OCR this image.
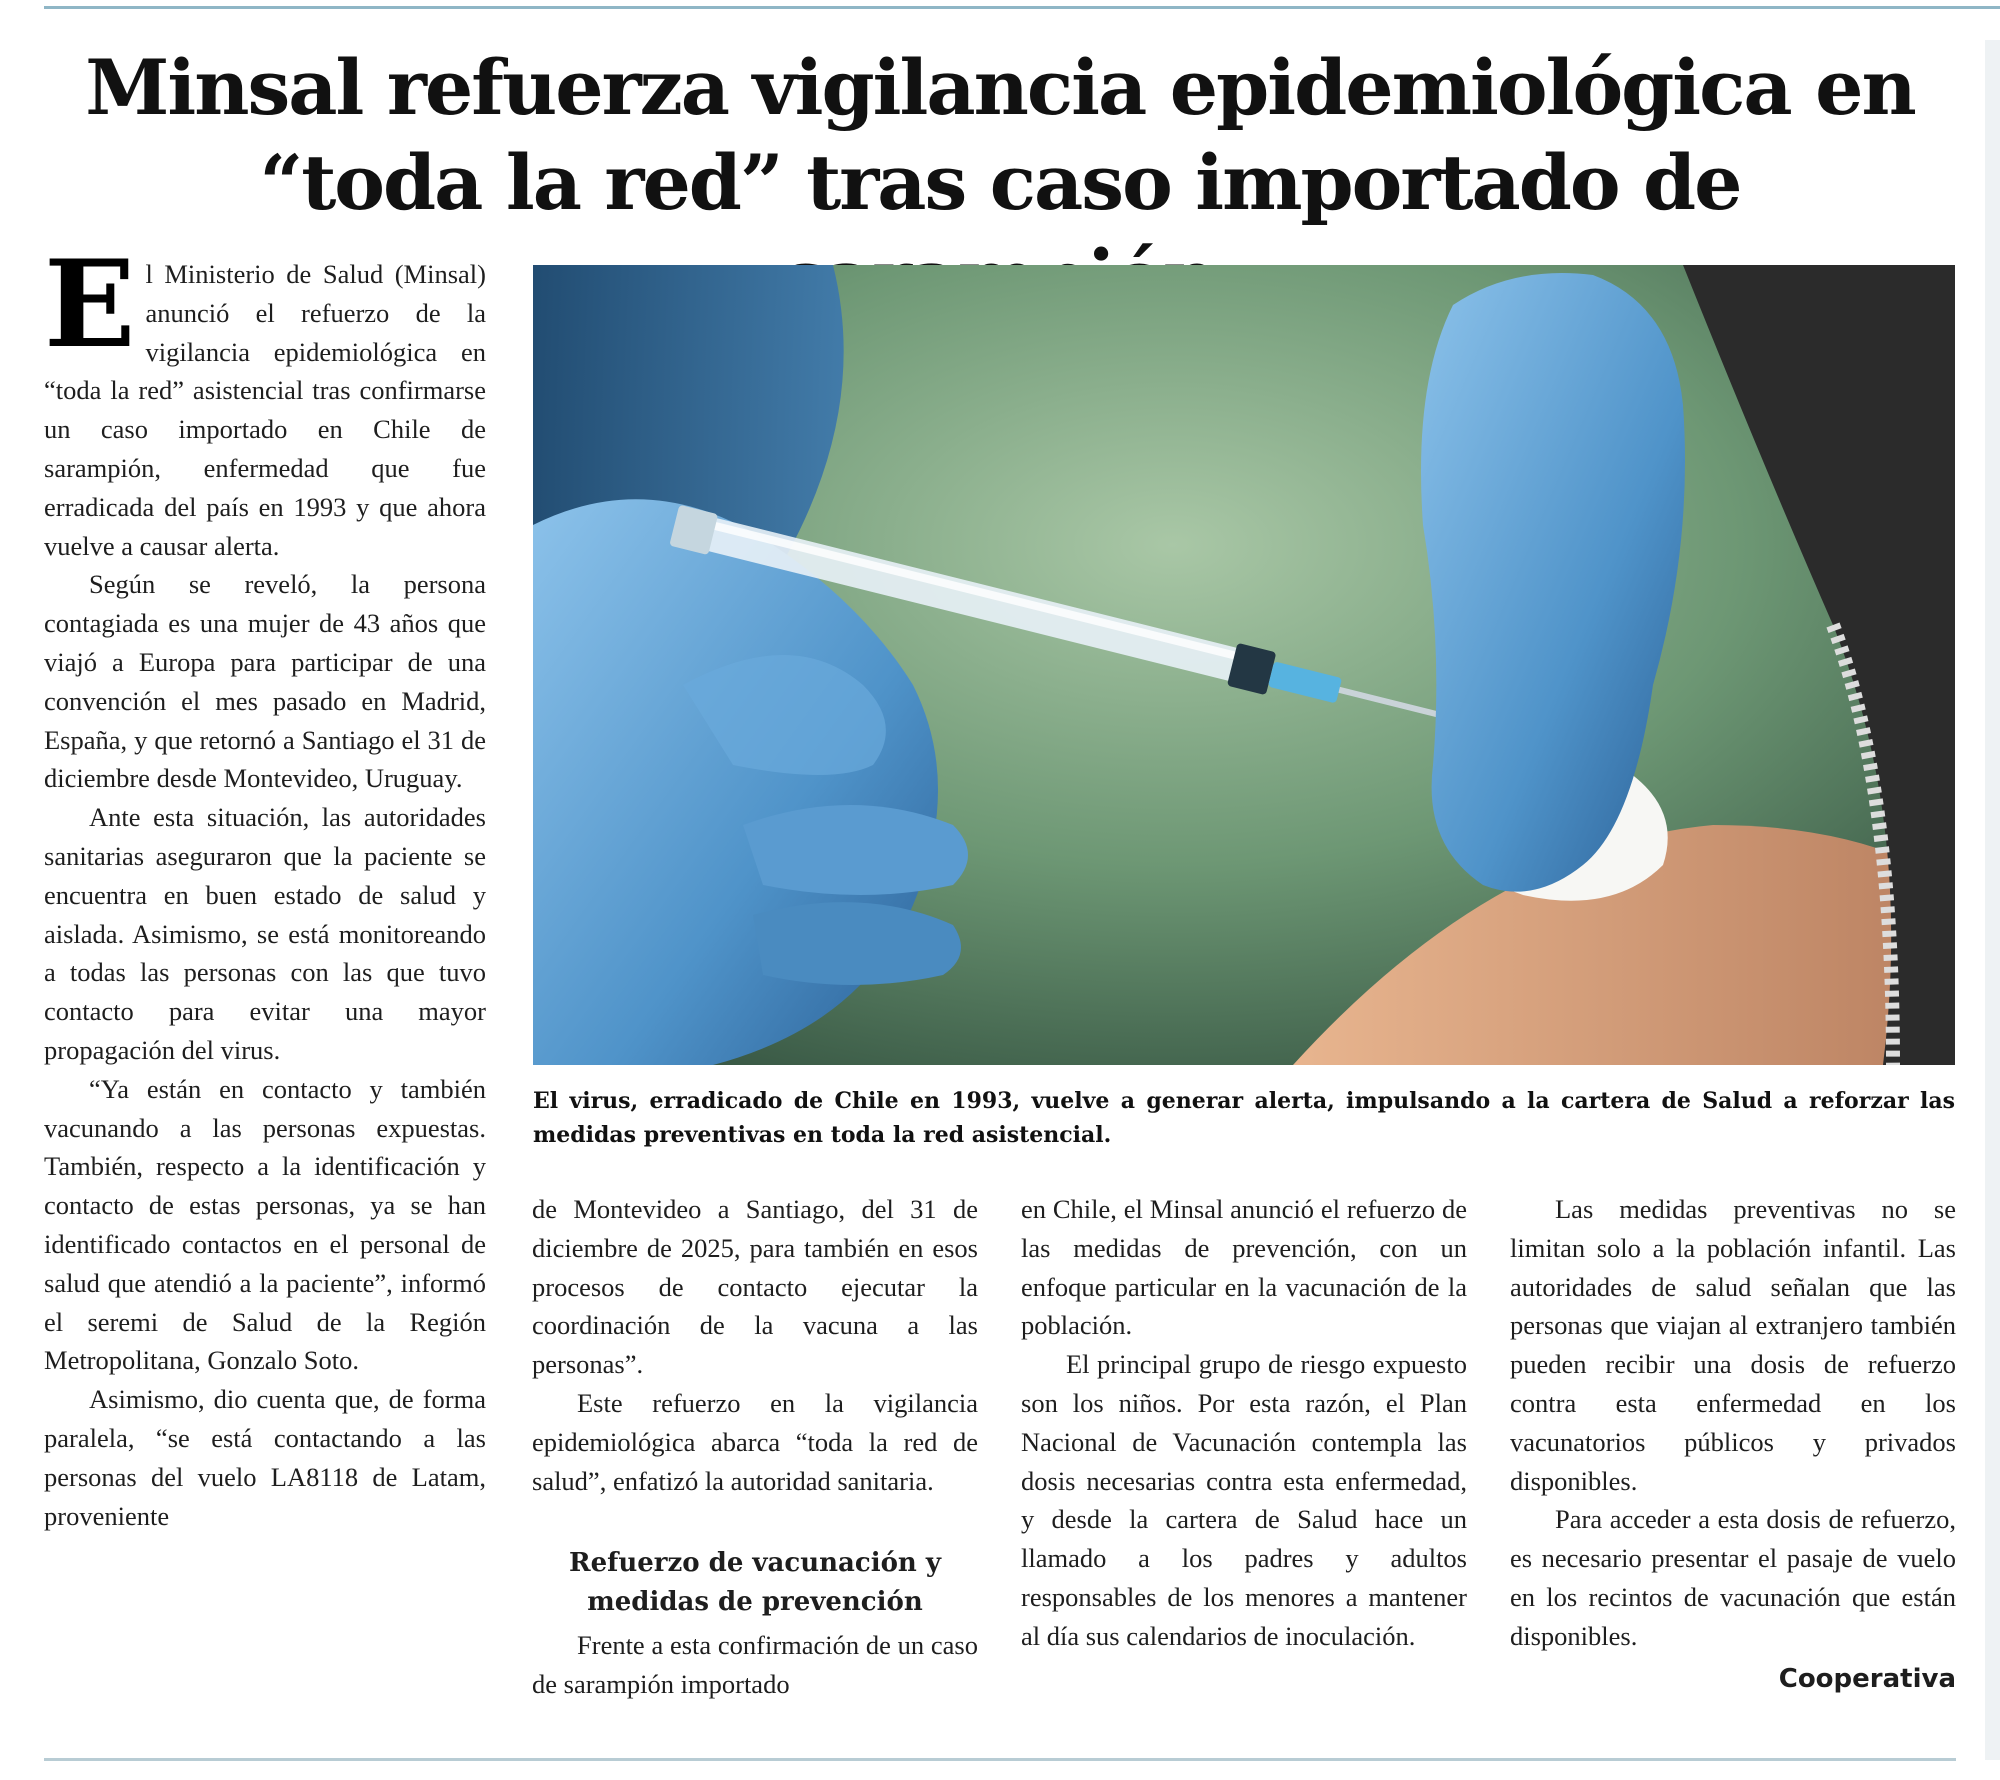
Minsal refuerza vigilancia epidemiológica en
“toda la red” tras caso importado de

El Ministerio de Salud (Minsal) anunció el refuerzo de la vigilancia epidemiológica en “toda la red” asistencial tras confirmarse un caso importado en Chile de sarampión, enfermedad que fue erradicada del país en 1993 y que ahora vuelve a causar alerta.

Según se reveló, la persona contagiada es una mujer de 43 años que viajó a Europa para participar de una convención el mes pasado en Madrid, España, y que retornó a Santiago el 31 de diciembre desde Montevideo, Uruguay.

Ante esta situación, las autoridades sanitarias aseguraron que la paciente se encuentra en buen estado de salud y aislada. Asimismo, se está monitoreando a todas las personas con las que tuvo contacto para evitar una mayor propagación del virus.

“Ya están en contacto y también vacunando a las personas expuestas. También, respecto a la identificación y contacto de estas personas, ya se han identificado contactos en el personal de salud que atendió a la paciente”, informó el seremi de Salud de la Región Metropolitana, Gonzalo Soto.

Asimismo, dio cuenta que, de forma paralela, “se está contactando a las personas del vuelo LA8118 de Latam, proveniente

El virus, erradicado de Chile en 1993, vuelve a generar alerta, impulsando a la cartera de Salud a reforzar las medidas preventivas en toda la red asistencial.

de Montevideo a Santiago, del 31 de diciembre de 2025, para también en esos procesos de contacto ejecutar la coordinación de la vacuna a las personas”.

Este refuerzo en la vigilancia epidemiológica abarca “toda la red de salud”, enfatizó la autoridad sanitaria.

Refuerzo de vacunación y medidas de prevención

Frente a esta confirmación de un caso de sarampión importado

en Chile, el Minsal anunció el refuerzo de las medidas de prevención, con un enfoque particular en la vacunación de la población.

El principal grupo de riesgo expuesto son los niños. Por esta razón, el Plan Nacional de Vacunación contempla las dosis necesarias contra esta enfermedad, y desde la cartera de Salud hace un llamado a los padres y adultos responsables de los menores a mantener al día sus calendarios de inoculación.

Las medidas preventivas no se limitan solo a la población infantil. Las autoridades de salud señalan que las personas que viajan al extranjero también pueden recibir una dosis de refuerzo contra esta enfermedad en los vacunatorios públicos y privados disponibles.

Para acceder a esta dosis de refuerzo, es necesario presentar el pasaje de vuelo en los recintos de vacunación que están disponibles.

Cooperativa
